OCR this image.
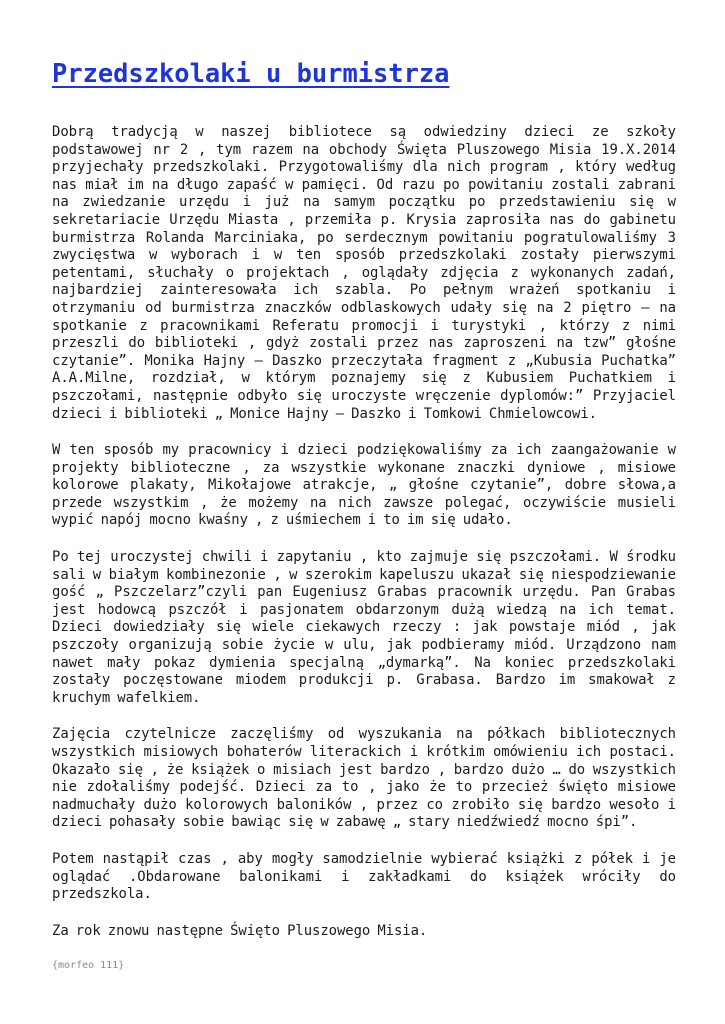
Przedszkolaki u burmistrza

Dobrą tradycją w naszej bibliotece są odwiedziny dzieci ze szkoły podstawowej nr 2 , tym razem na obchody Święta Pluszowego Misia 19.X.2014 przyjechały przedszkolaki. Przygotowaliśmy dla nich program , który według nas miał im na długo zapaść w pamięci. Od razu po powitaniu zostali zabrani na zwiedzanie urzędu i już na samym początku po przedstawieniu się w sekretariacie Urzędu Miasta , przemiła p. Krysia zaprosiła nas do gabinetu burmistrza Rolanda Marciniaka, po serdecznym powitaniu pogratulowaliśmy 3 zwycięstwa w wyborach i w ten sposób przedszkolaki zostały pierwszymi petentami, słuchały o projektach , oglądały zdjęcia z wykonanych zadań, najbardziej zainteresowała ich szabla. Po pełnym wrażeń spotkaniu i otrzymaniu od burmistrza znaczków odblaskowych udały się na 2 piętro – na spotkanie z pracownikami Referatu promocji i turystyki , którzy z nimi przeszli do biblioteki , gdyż zostali przez nas zaproszeni na tzw” głośne czytanie”. Monika Hajny – Daszko przeczytała fragment z „Kubusia Puchatka” A.A.Milne, rozdział, w którym poznajemy się z Kubusiem Puchatkiem i pszczołami, następnie odbyło się uroczyste wręczenie dyplomów:” Przyjaciel dzieci i biblioteki „ Monice Hajny – Daszko i Tomkowi Chmielowcowi.

W ten sposób my pracownicy i dzieci podziękowaliśmy za ich zaangażowanie w projekty biblioteczne , za wszystkie wykonane znaczki dyniowe , misiowe kolorowe plakaty, Mikołajowe atrakcje, „ głośne czytanie”, dobre słowa,a przede wszystkim , że możemy na nich zawsze polegać, oczywiście musieli wypić napój mocno kwaśny , z uśmiechem i to im się udało.

Po tej uroczystej chwili i zapytaniu , kto zajmuje się pszczołami. W środku sali w białym kombinezonie , w szerokim kapeluszu ukazał się niespodziewanie gość „ Pszczelarz”czyli pan Eugeniusz Grabas pracownik urzędu. Pan Grabas jest hodowcą pszczół i pasjonatem obdarzonym dużą wiedzą na ich temat. Dzieci dowiedziały się wiele ciekawych rzeczy : jak powstaje miód , jak pszczoły organizują sobie życie w ulu, jak podbieramy miód. Urządzono nam nawet mały pokaz dymienia specjalną „dymarką”. Na koniec przedszkolaki zostały poczęstowane miodem produkcji p. Grabasa. Bardzo im smakował z kruchym wafelkiem.

Zajęcia czytelnicze zaczęliśmy od wyszukania na półkach bibliotecznych wszystkich misiowych bohaterów literackich i krótkim omówieniu ich postaci. Okazało się , że książek o misiach jest bardzo , bardzo dużo … do wszystkich nie zdołaliśmy podejść. Dzieci za to , jako że to przecież święto misiowe nadmuchały dużo kolorowych baloników , przez co zrobiło się bardzo wesoło i dzieci pohasały sobie bawiąc się w zabawę „ stary niedźwiedź mocno śpi”.

Potem nastąpił czas , aby mogły samodzielnie wybierać książki z półek i je oglądać .Obdarowane balonikami i zakładkami do książek wróciły do przedszkola.

Za rok znowu następne Święto Pluszowego Misia.

{morfeo 111}
